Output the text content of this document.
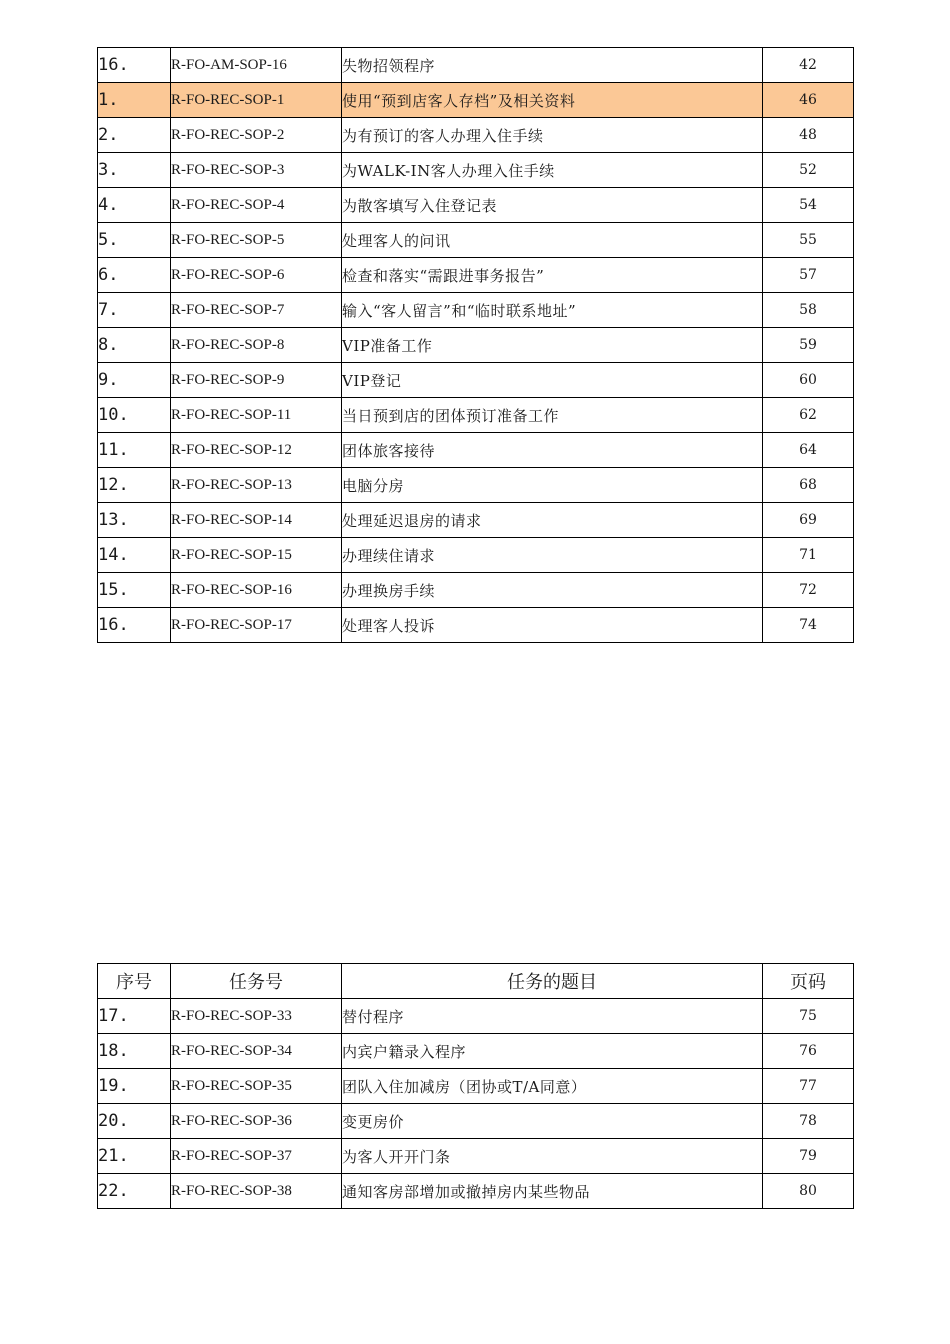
16.	R-FO-AM-SOP-16	失物招领程序	42
1.	R-FO-REC-SOP-1	使用“预到店客人存档”及相关资料	46
2.	R-FO-REC-SOP-2	为有预订的客人办理入住手续	48
3.	R-FO-REC-SOP-3	为WALK-IN客人办理入住手续	52
4.	R-FO-REC-SOP-4	为散客填写入住登记表	54
5.	R-FO-REC-SOP-5	处理客人的问讯	55
6.	R-FO-REC-SOP-6	检查和落实“需跟进事务报告”	57
7.	R-FO-REC-SOP-7	输入“客人留言”和“临时联系地址”	58
8.	R-FO-REC-SOP-8	VIP准备工作	59
9.	R-FO-REC-SOP-9	VIP登记	60
10.	R-FO-REC-SOP-11	当日预到店的团体预订准备工作	62
11.	R-FO-REC-SOP-12	团体旅客接待	64
12.	R-FO-REC-SOP-13	电脑分房	68
13.	R-FO-REC-SOP-14	处理延迟退房的请求	69
14.	R-FO-REC-SOP-15	办理续住请求	71
15.	R-FO-REC-SOP-16	办理换房手续	72
16.	R-FO-REC-SOP-17	处理客人投诉	74
序号	任务号	任务的题目	页码
17.	R-FO-REC-SOP-33	替付程序	75
18.	R-FO-REC-SOP-34	内宾户籍录入程序	76
19.	R-FO-REC-SOP-35	团队入住加减房（团协或T/A同意）	77
20.	R-FO-REC-SOP-36	变更房价	78
21.	R-FO-REC-SOP-37	为客人开开门条	79
22.	R-FO-REC-SOP-38	通知客房部增加或撤掉房内某些物品	80
